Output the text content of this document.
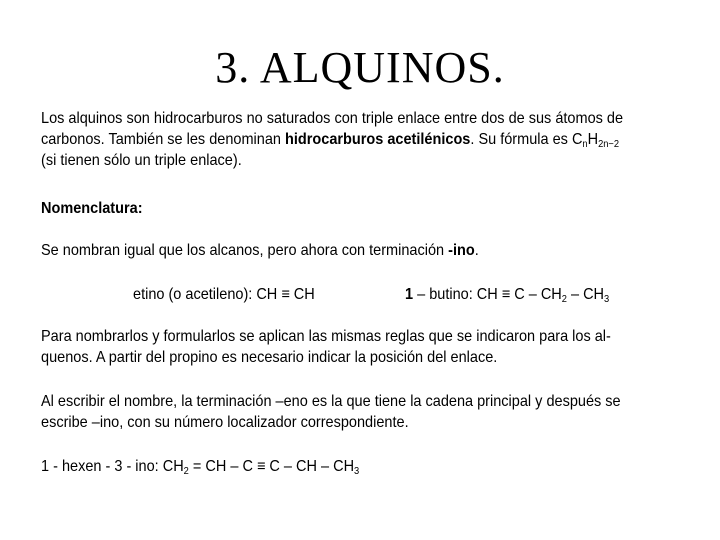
3. ALQUINOS.
Los alquinos son hidrocarburos no saturados con triple enlace entre dos de sus átomos de carbonos. También se les denominan hidrocarburos acetilénicos. Su fórmula es $C_nH_{2n-2}$ (si tienen sólo un triple enlace).
Nomenclatura:
Se nombran igual que los alcanos, pero ahora con terminación -ino.
etino (o acetileno): CH ≡ CH	1 – butino: CH ≡ C – $CH_2 - CH_3$
Para nombrarlos y formularlos se aplican las mismas reglas que se indicaron para los al-
quenos. A partir del propino es necesario indicar la posición del enlace.
Al escribir el nombre, la terminación –eno es la que tiene la cadena principal y después se
escribe –ino, con su número localizador correspondiente.
1 - hexen - 3 - ino: $CH_2$ = CH – C ≡ C – CH – $CH_3$
